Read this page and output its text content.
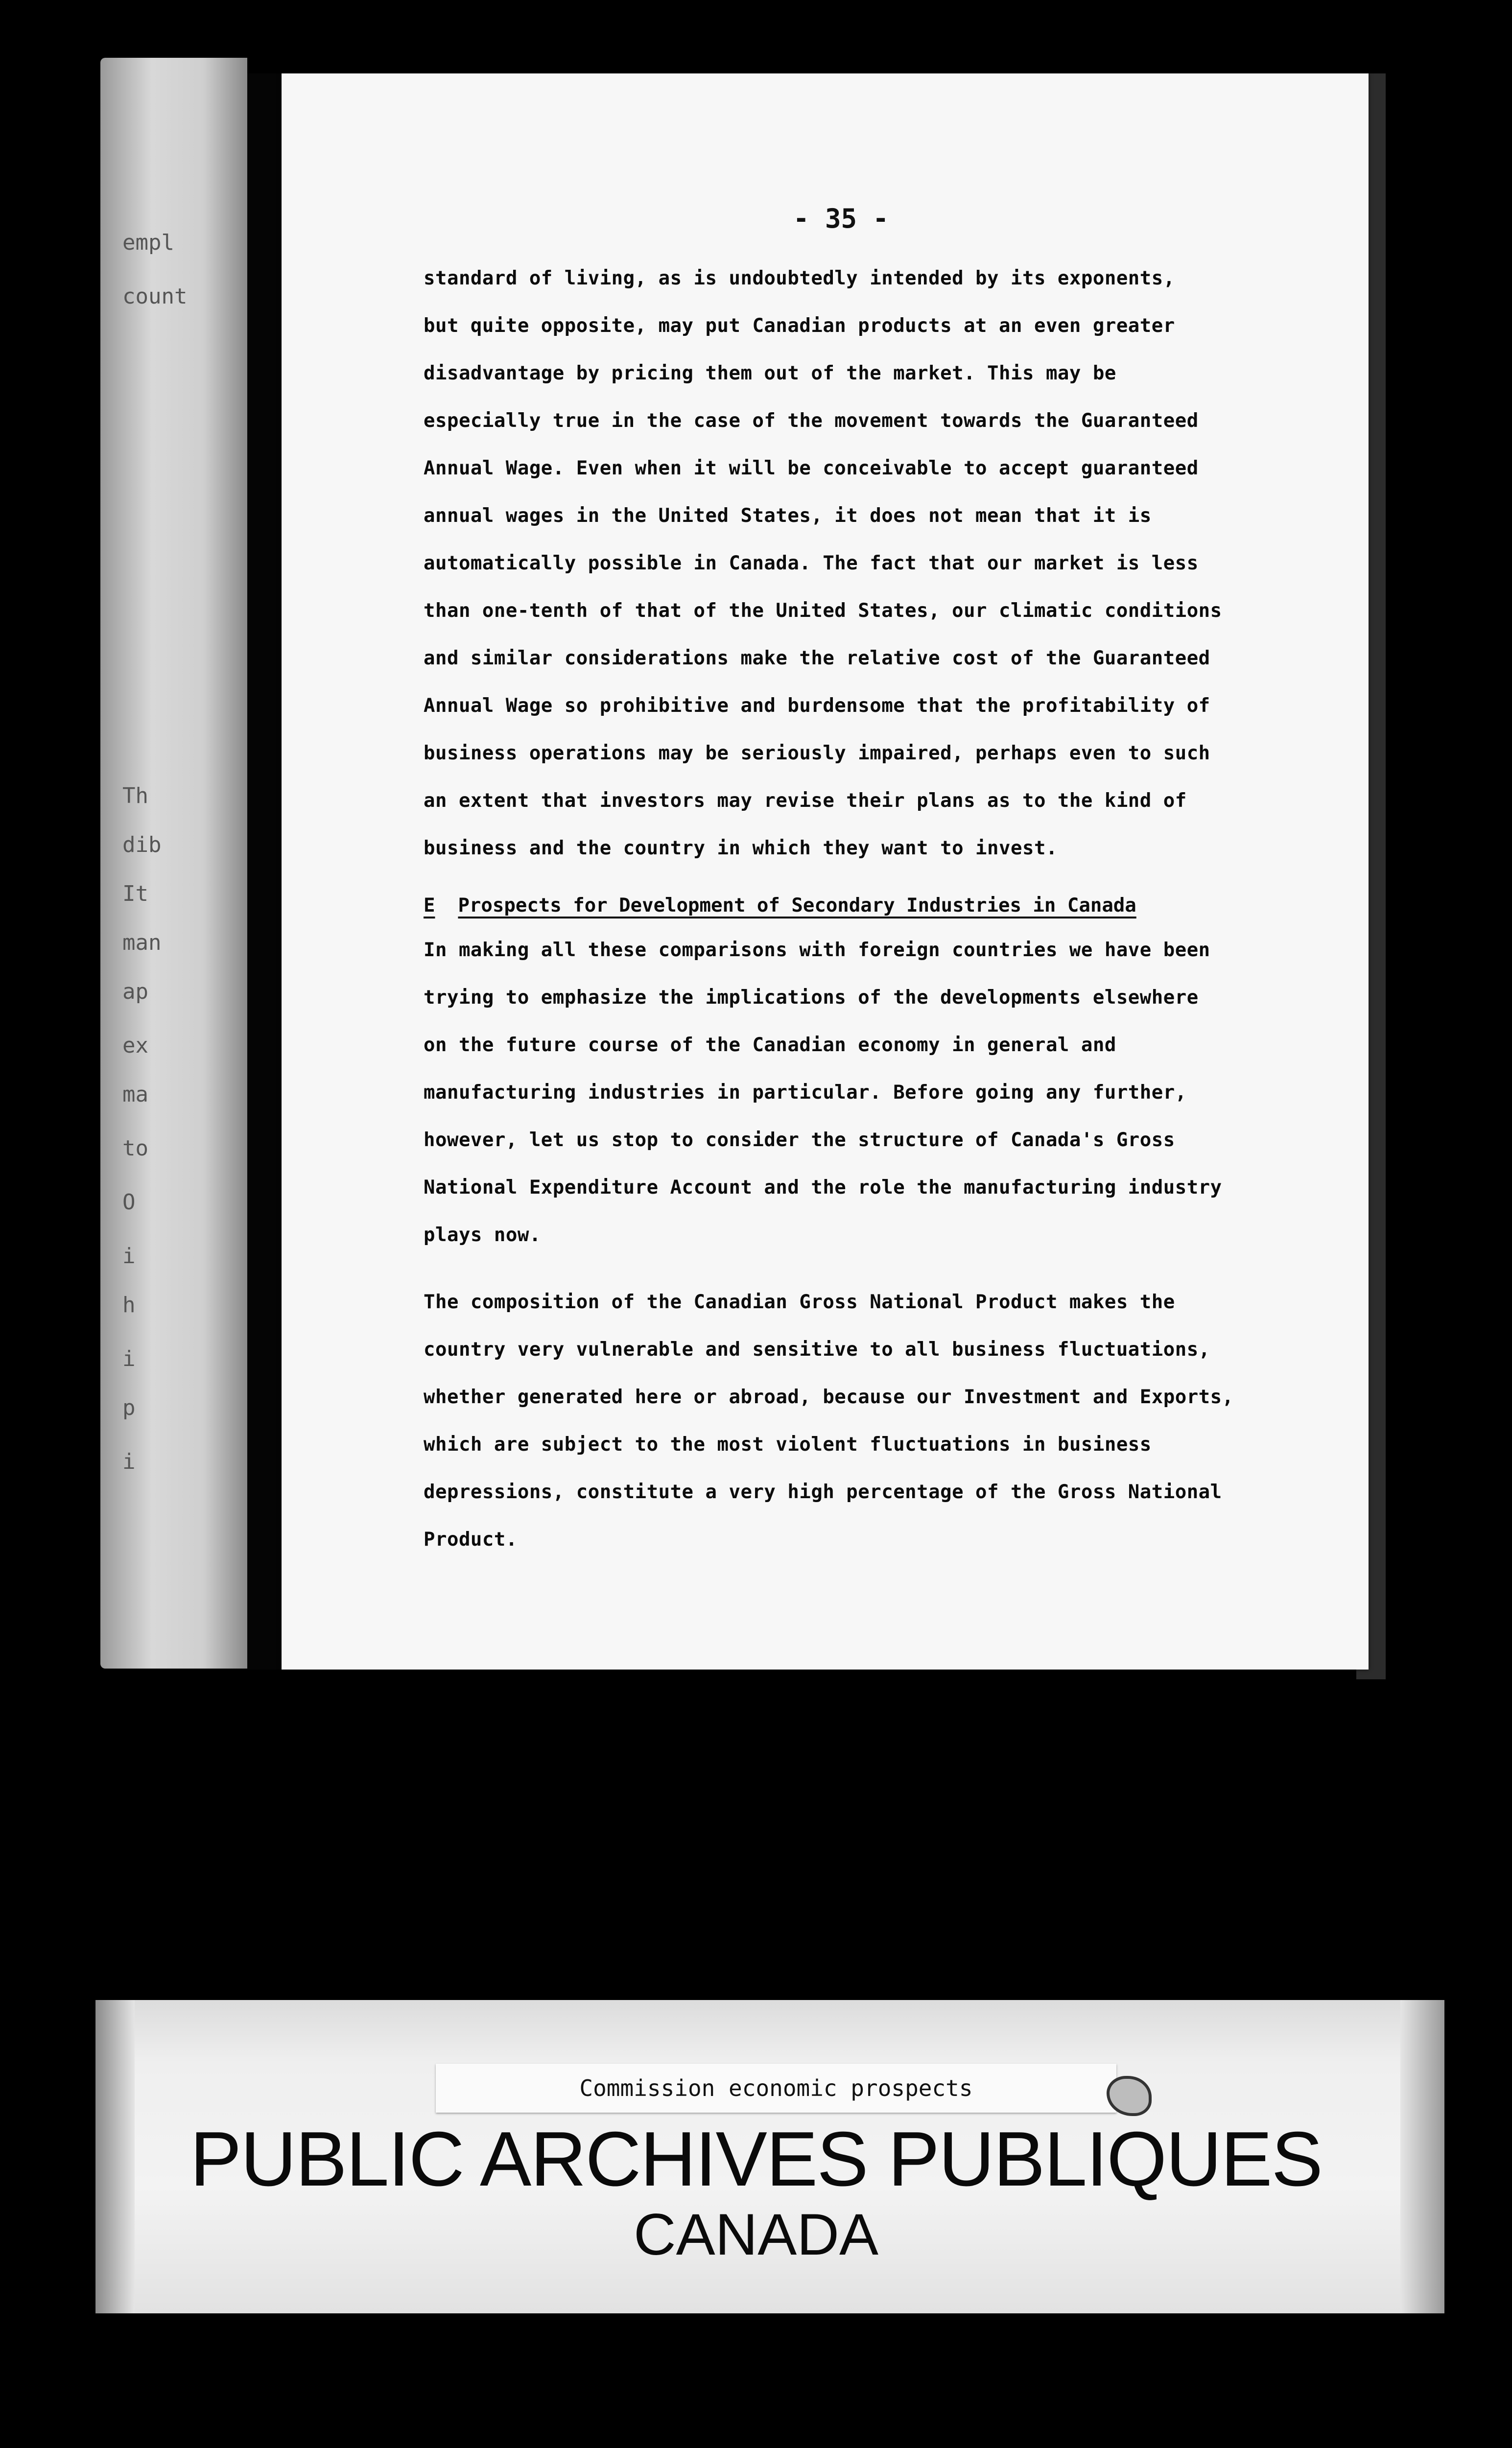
empl
count
Th
dib
It
man
ap
ex
ma
to
O
i
h
i
p
i
- 35 -
standard of living, as is undoubtedly intended by its exponents,
but quite opposite, may put Canadian products at an even greater
disadvantage by pricing them out of the market. This may be
especially true in the case of the movement towards the Guaranteed
Annual Wage. Even when it will be conceivable to accept guaranteed
annual wages in the United States, it does not mean that it is
automatically possible in Canada. The fact that our market is less
than one-tenth of that of the United States, our climatic conditions
and similar considerations make the relative cost of the Guaranteed
Annual Wage so prohibitive and burdensome that the profitability of
business operations may be seriously impaired, perhaps even to such
an extent that investors may revise their plans as to the kind of
business and the country in which they want to invest.
E Prospects for Development of Secondary Industries in Canada
In making all these comparisons with foreign countries we have been
trying to emphasize the implications of the developments elsewhere
on the future course of the Canadian economy in general and
manufacturing industries in particular. Before going any further,
however, let us stop to consider the structure of Canada's Gross
National Expenditure Account and the role the manufacturing industry
plays now.
The composition of the Canadian Gross National Product makes the
country very vulnerable and sensitive to all business fluctuations,
whether generated here or abroad, because our Investment and Exports,
which are subject to the most violent fluctuations in business
depressions, constitute a very high percentage of the Gross National
Product.
Commission economic prospects
PUBLIC ARCHIVES PUBLIQUES
CANADA
